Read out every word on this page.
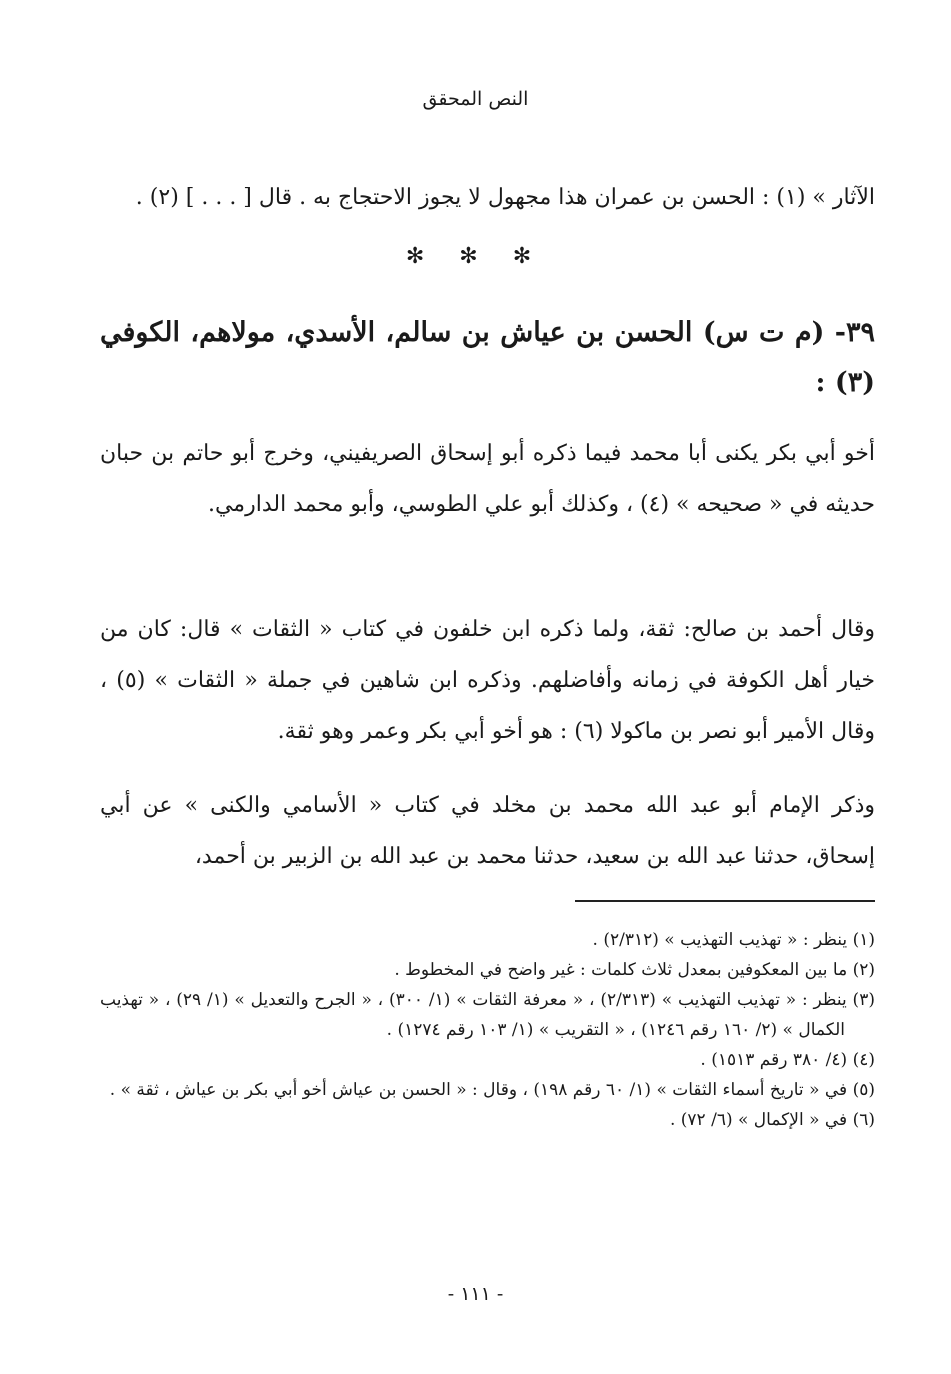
النص المحقق
الآثار » (١) : الحسن بن عمران هذا مجهول لا يجوز الاحتجاج به . قال [ . . . ] (٢) .
✻ ✻ ✻
٣٩- (م ت س) الحسن بن عياش بن سالم، الأسدي، مولاهم، الكوفي (٣) :
أخو أبي بكر يكنى أبا محمد فيما ذكره أبو إسحاق الصريفيني، وخرج أبو حاتم بن حبان حديثه في « صحيحه » (٤) ، وكذلك أبو علي الطوسي، وأبو محمد الدارمي.
وقال أحمد بن صالح: ثقة، ولما ذكره ابن خلفون في كتاب « الثقات » قال: كان من خيار أهل الكوفة في زمانه وأفاضلهم. وذكره ابن شاهين في جملة « الثقات » (٥) ، وقال الأمير أبو نصر بن ماكولا (٦) : هو أخو أبي بكر وعمر وهو ثقة.
وذكر الإمام أبو عبد الله محمد بن مخلد في كتاب « الأسامي والكنى » عن أبي إسحاق، حدثنا عبد الله بن سعيد، حدثنا محمد بن عبد الله بن الزبير بن أحمد،
(١) ينظر : « تهذيب التهذيب » (٢/٣١٢) .
(٢) ما بين المعكوفين بمعدل ثلاث كلمات : غير واضح في المخطوط .
(٣) ينظر : « تهذيب التهذيب » (٢/٣١٣) ، « معرفة الثقات » (١/ ٣٠٠) ، « الجرح والتعديل » (١/ ٢٩) ، « تهذيب الكمال » (٢/ ١٦٠ رقم ١٢٤٦) ، « التقريب » (١/ ١٠٣ رقم ١٢٧٤) .
(٤) (٤/ ٣٨٠ رقم ١٥١٣) .
(٥) في « تاريخ أسماء الثقات » (١/ ٦٠ رقم ١٩٨) ، وقال : « الحسن بن عياش أخو أبي بكر بن عياش ، ثقة » .
(٦) في « الإكمال » (٦/ ٧٢) .
- ١١١ -
